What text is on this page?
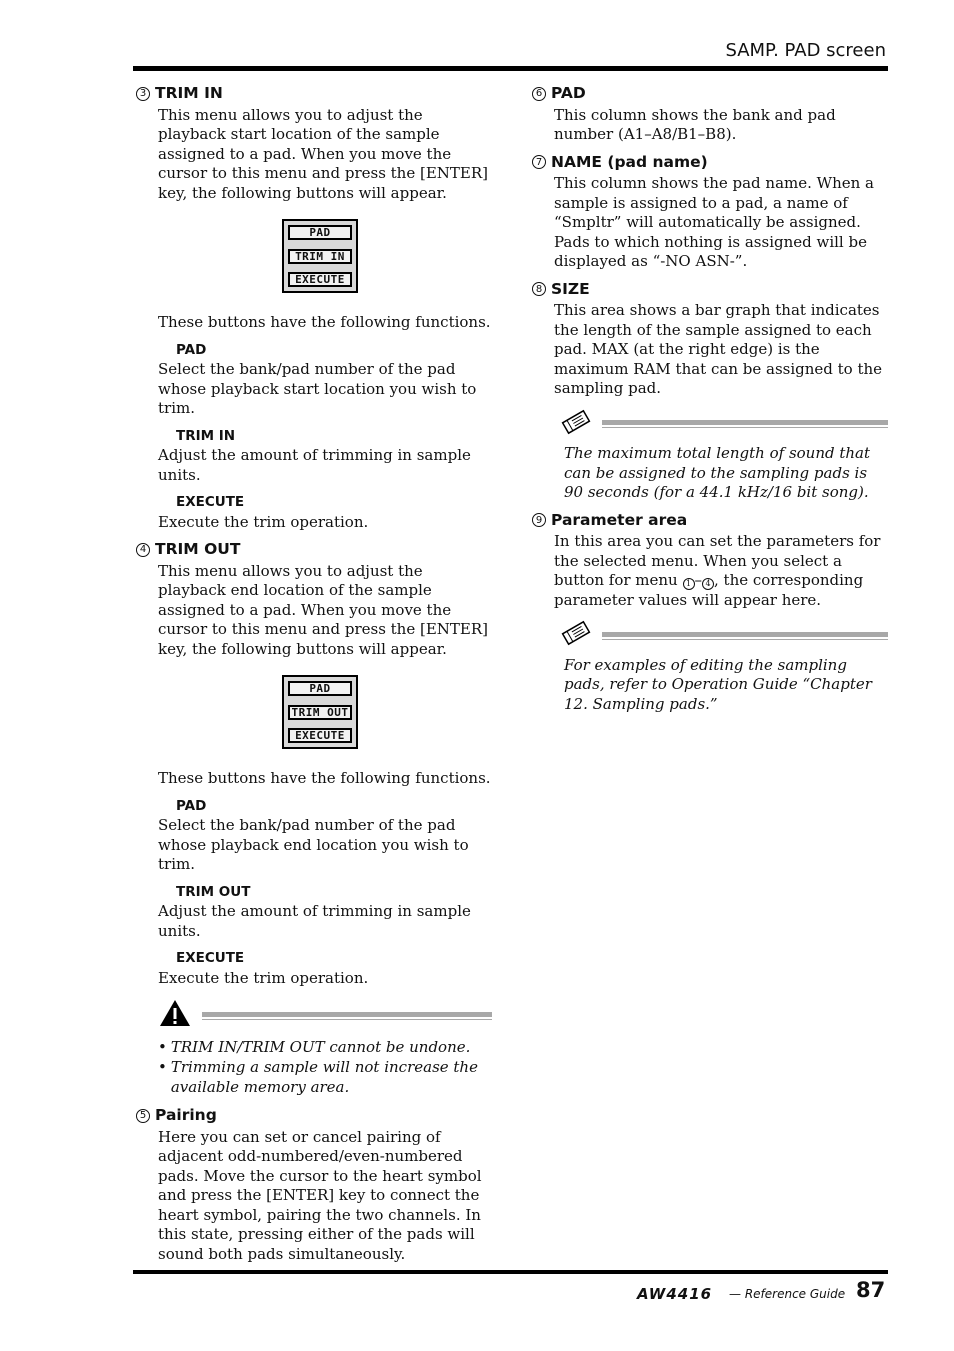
SAMP. PAD screen
3 TRIM IN

This menu allows you to adjust the playback start location of the sample assigned to a pad. When you move the cursor to this menu and press the [ENTER] key, the following buttons will appear.

PAD
TRIM IN
EXECUTE

These buttons have the following functions.

PAD

Select the bank/pad number of the pad whose playback start location you wish to trim.

TRIM IN

Adjust the amount of trimming in sample units.

EXECUTE

Execute the trim operation.

4 TRIM OUT

This menu allows you to adjust the playback end location of the sample assigned to a pad. When you move the cursor to this menu and press the [ENTER] key, the following buttons will appear.

PAD
TRIM OUT
EXECUTE

These buttons have the following functions.

PAD

Select the bank/pad number of the pad whose playback end location you wish to trim.

TRIM OUT

Adjust the amount of trimming in sample units.

EXECUTE

Execute the trim operation.

• TRIM IN/TRIM OUT cannot be undone.
• Trimming a sample will not increase the available memory area.
5 Pairing

Here you can set or cancel pairing of adjacent odd-numbered/even-numbered pads. Move the cursor to the heart symbol and press the [ENTER] key to connect the heart symbol, pairing the two channels. In this state, pressing either of the pads will sound both pads simultaneously.

6 PAD

This column shows the bank and pad number (A1–A8/B1–B8).

7 NAME (pad name)

This column shows the pad name. When a sample is assigned to a pad, a name of “Smpltr” will automatically be assigned. Pads to which nothing is assigned will be displayed as “-NO ASN-”.

8 SIZE

This area shows a bar graph that indicates the length of the sample assigned to each pad. MAX (at the right edge) is the maximum RAM that can be assigned to the sampling pad.

The maximum total length of sound that can be assigned to the sampling pads is 90 seconds (for a 44.1 kHz/16 bit song).

9 Parameter area

In this area you can set the parameters for the selected menu. When you select a button for menu 1 – 4 , the corresponding parameter values will appear here.

For examples of editing the sampling pads, refer to Operation Guide “Chapter 12. Sampling pads.”

AW4416 — Reference Guide 87
